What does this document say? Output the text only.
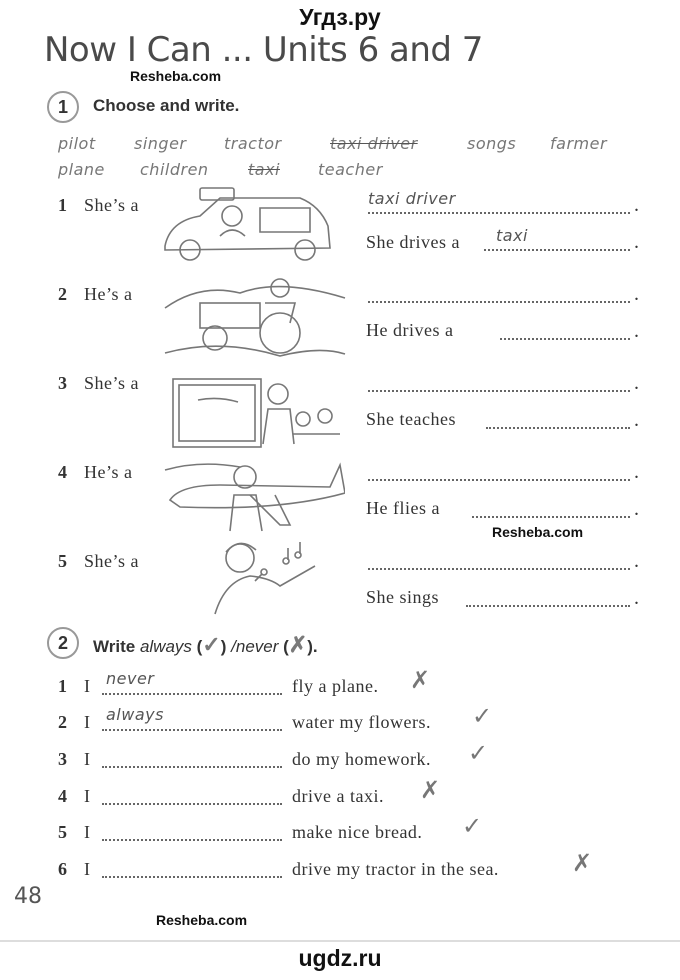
Угдз.ру
Now I Can ... Units 6 and 7
Resheba.com
1	Choose and write.
pilot singer tractor	taxi driver	songs farmer
plane children taxi teacher
1 She’s a	taxi driver	.
She drives a taxi	.
2 He’s a	.
He drives a	.
3 She’s a	.
She teaches	.
4 He’s a	.
He flies a	.
Resheba.com
5 She’s a	.
She sings	.
2	Write always (✓) /never (✗).
1 I never	fly a plane. ✗
2 I always	water my flowers. ✓
3 I	do my homework. ✓
4 I	drive a taxi. ✗
5 I	make nice bread. ✓
6 I	drive my tractor in the sea.	✗
48
Resheba.com
ugdz.ru
